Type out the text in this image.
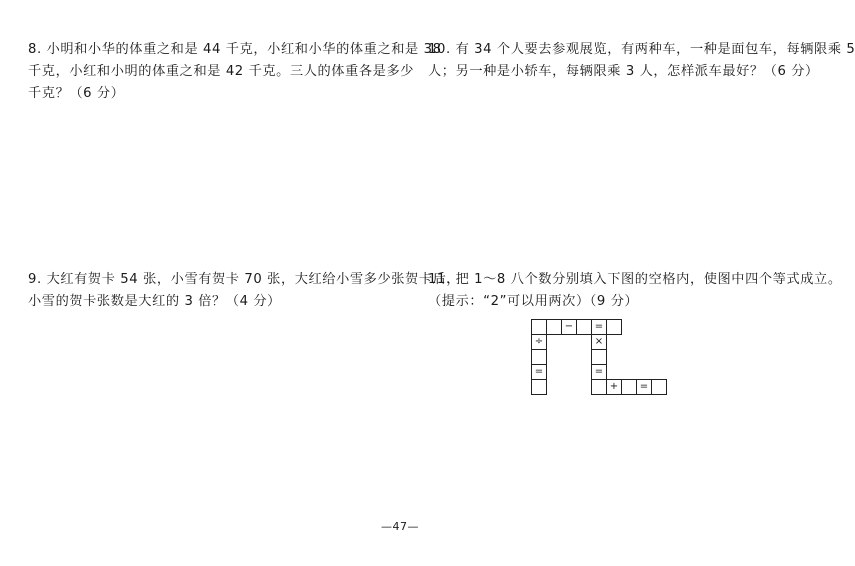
8. 小明和小华的体重之和是 44 千克，小红和小华的体重之和是 38
千克，小红和小明的体重之和是 42 千克。三人的体重各是多少
千克？（6 分）
10. 有 34 个人要去参观展览，有两种车，一种是面包车，每辆限乘 5
人；另一种是小轿车，每辆限乘 3 人，怎样派车最好？（6 分）
9. 大红有贺卡 54 张，小雪有贺卡 70 张，大红给小雪多少张贺卡后，
小雪的贺卡张数是大红的 3 倍？（4 分）
11. 把 1～8 八个数分别填入下图的空格内，使图中四个等式成立。
（提示：“2”可以用两次）（9 分）
−	=
÷
=
×
=
+	=
—47—
